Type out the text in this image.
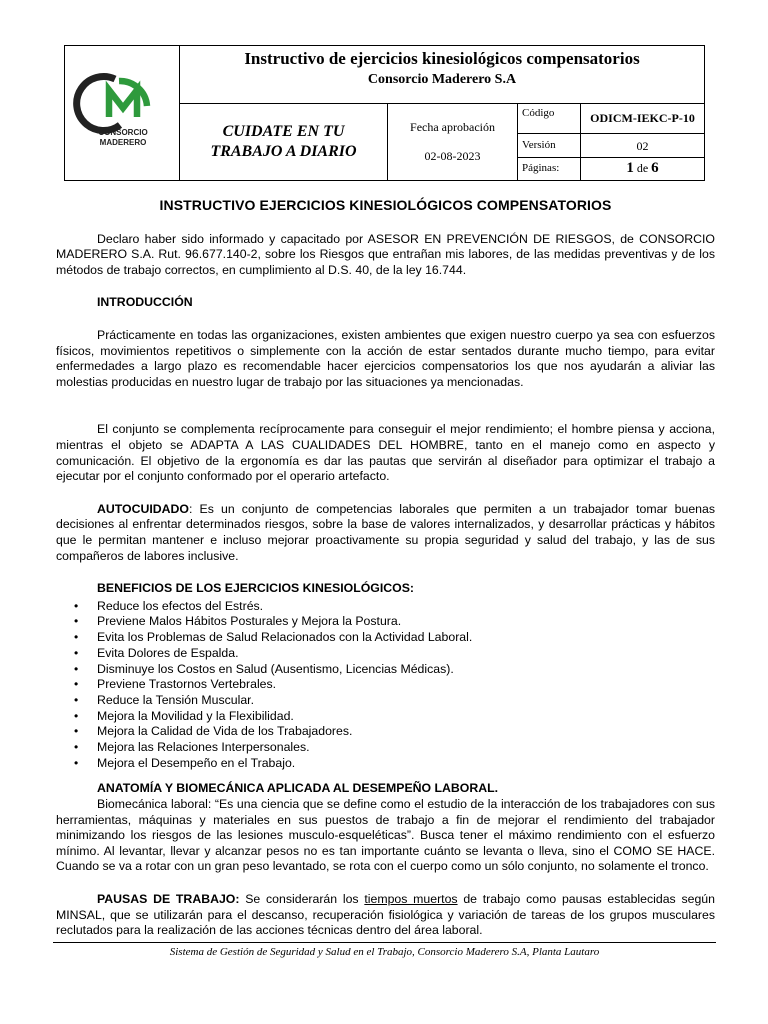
CONSORCIO
MADERERO
Instructivo de ejercicios kinesiológicos compensatorios
Consorcio Maderero S.A
CUIDATE EN TU TRABAJO A DIARIO
Fecha aprobación
02-08-2023
Código	ODICM-IEKC-P-10
Versión	02
Páginas:	1 de 6
INSTRUCTIVO EJERCICIOS KINESIOLÓGICOS COMPENSATORIOS

Declaro haber sido informado y capacitado por ASESOR EN PREVENCIÓN DE RIESGOS, de CONSORCIO MADERERO S.A. Rut. 96.677.140-2, sobre los Riesgos que entrañan mis labores, de las medidas preventivas y de los métodos de trabajo correctos, en cumplimiento al D.S. 40, de la ley 16.744.

INTRODUCCIÓN

Prácticamente en todas las organizaciones, existen ambientes que exigen nuestro cuerpo ya sea con esfuerzos físicos, movimientos repetitivos o simplemente con la acción de estar sentados durante mucho tiempo, para evitar enfermedades a largo plazo es recomendable hacer ejercicios compensatorios los que nos ayudarán a aliviar las molestias producidas en nuestro lugar de trabajo por las situaciones ya mencionadas.

El conjunto se complementa recíprocamente para conseguir el mejor rendimiento; el hombre piensa y acciona, mientras el objeto se ADAPTA A LAS CUALIDADES DEL HOMBRE, tanto en el manejo como en aspecto y comunicación. El objetivo de la ergonomía es dar las pautas que servirán al diseñador para optimizar el trabajo a ejecutar por el conjunto conformado por el operario artefacto.

AUTOCUIDADO: Es un conjunto de competencias laborales que permiten a un trabajador tomar buenas decisiones al enfrentar determinados riesgos, sobre la base de valores internalizados, y desarrollar prácticas y hábitos que le permitan mantener e incluso mejorar proactivamente su propia seguridad y salud del trabajo, y las de sus compañeros de labores inclusive.

BENEFICIOS DE LOS EJERCICIOS KINESIOLÓGICOS:
• Reduce los efectos del Estrés.
• Previene Malos Hábitos Posturales y Mejora la Postura.
• Evita los Problemas de Salud Relacionados con la Actividad Laboral.
• Evita Dolores de Espalda.
• Disminuye los Costos en Salud (Ausentismo, Licencias Médicas).
• Previene Trastornos Vertebrales.
• Reduce la Tensión Muscular.
• Mejora la Movilidad y la Flexibilidad.
• Mejora la Calidad de Vida de los Trabajadores.
• Mejora las Relaciones Interpersonales.
• Mejora el Desempeño en el Trabajo.
ANATOMÍA Y BIOMECÁNICA APLICADA AL DESEMPEÑO LABORAL.

Biomecánica laboral: “Es una ciencia que se define como el estudio de la interacción de los trabajadores con sus herramientas, máquinas y materiales en sus puestos de trabajo a fin de mejorar el rendimiento del trabajador minimizando los riesgos de las lesiones musculo-esqueléticas”. Busca tener el máximo rendimiento con el esfuerzo mínimo. Al levantar, llevar y alcanzar pesos no es tan importante cuánto se levanta o lleva, sino el COMO SE HACE. Cuando se va a rotar con un gran peso levantado, se rota con el cuerpo como un sólo conjunto, no solamente el tronco.

PAUSAS DE TRABAJO: Se considerarán los tiempos muertos de trabajo como pausas establecidas según MINSAL, que se utilizarán para el descanso, recuperación fisiológica y variación de tareas de los grupos musculares reclutados para la realización de las acciones técnicas dentro del área laboral.

Sistema de Gestión de Seguridad y Salud en el Trabajo, Consorcio Maderero S.A, Planta Lautaro
